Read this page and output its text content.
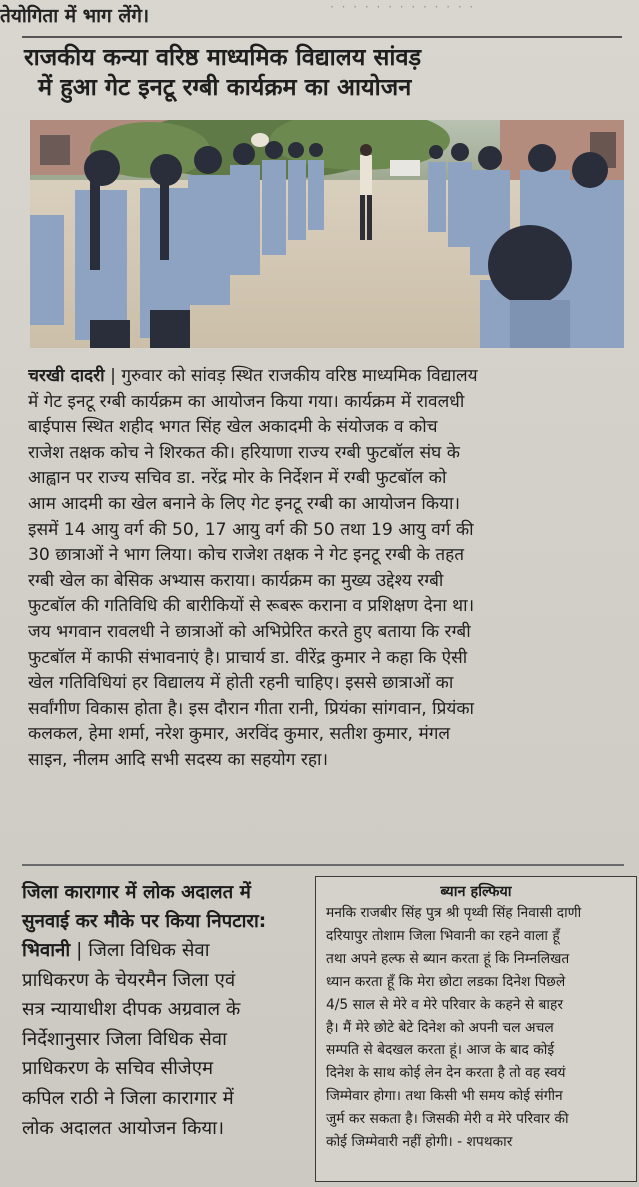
तेयोगिता में भाग लेंगे।	· · · · · · · · · · · · ·
राजकीय कन्या वरिष्ठ माध्यमिक विद्यालय सांवड़
में हुआ गेट इनटू रग्बी कार्यक्रम का आयोजन
चरखी दादरी | गुरुवार को सांवड़ स्थित राजकीय वरिष्ठ माध्यमिक विद्यालय
में गेट इनटू रग्बी कार्यक्रम का आयोजन किया गया। कार्यक्रम में रावलधी
बाईपास स्थित शहीद भगत सिंह खेल अकादमी के संयोजक व कोच
राजेश तक्षक कोच ने शिरकत की। हरियाणा राज्य रग्बी फुटबॉल संघ के
आह्वान पर राज्य सचिव डा. नरेंद्र मोर के निर्देशन में रग्बी फुटबॉल को
आम आदमी का खेल बनाने के लिए गेट इनटू रग्बी का आयोजन किया।
इसमें 14 आयु वर्ग की 50, 17 आयु वर्ग की 50 तथा 19 आयु वर्ग की
30 छात्राओं ने भाग लिया। कोच राजेश तक्षक ने गेट इनटू रग्बी के तहत
रग्बी खेल का बेसिक अभ्यास कराया। कार्यक्रम का मुख्य उद्देश्य रग्बी
फुटबॉल की गतिविधि की बारीकियों से रूबरू कराना व प्रशिक्षण देना था।
जय भगवान रावलधी ने छात्राओं को अभिप्रेरित करते हुए बताया कि रग्बी
फुटबॉल में काफी संभावनाएं है। प्राचार्य डा. वीरेंद्र कुमार ने कहा कि ऐसी
खेल गतिविधियां हर विद्यालय में होती रहनी चाहिए। इससे छात्राओं का
सर्वांगीण विकास होता है। इस दौरान गीता रानी, प्रियंका सांगवान, प्रियंका
कलकल, हेमा शर्मा, नरेश कुमार, अरविंद कुमार, सतीश कुमार, मंगल
साइन, नीलम आदि सभी सदस्य का सहयोग रहा।
जिला कारागार में लोक अदालत में
सुनवाई कर मौके पर किया निपटारा:
भिवानी | जिला विधिक सेवा
प्राधिकरण के चेयरमैन जिला एवं
सत्र न्यायाधीश दीपक अग्रवाल के
निर्देशानुसार जिला विधिक सेवा
प्राधिकरण के सचिव सीजेएम
कपिल राठी ने जिला कारागार में
लोक अदालत आयोजन किया।
ब्यान हल्फिया
मनकि राजबीर सिंह पुत्र श्री पृथ्वी सिंह निवासी दाणी
दरियापुर तोशाम जिला भिवानी का रहने वाला हूँ
तथा अपने हल्फ से ब्यान करता हूं कि निम्नलिखत
ध्यान करता हूँ कि मेरा छोटा लडका दिनेश पिछले
4/5 साल से मेरे व मेरे परिवार के कहने से बाहर
है। मैं मेरे छोटे बेटे दिनेश को अपनी चल अचल
सम्पति से बेदखल करता हूं। आज के बाद कोई
दिनेश के साथ कोई लेन देन करता है तो वह स्वयं
जिम्मेवार होगा। तथा किसी भी समय कोई संगीन
जुर्म कर सकता है। जिसकी मेरी व मेरे परिवार की
कोई जिम्मेवारी नहीं होगी। - शपथकार
